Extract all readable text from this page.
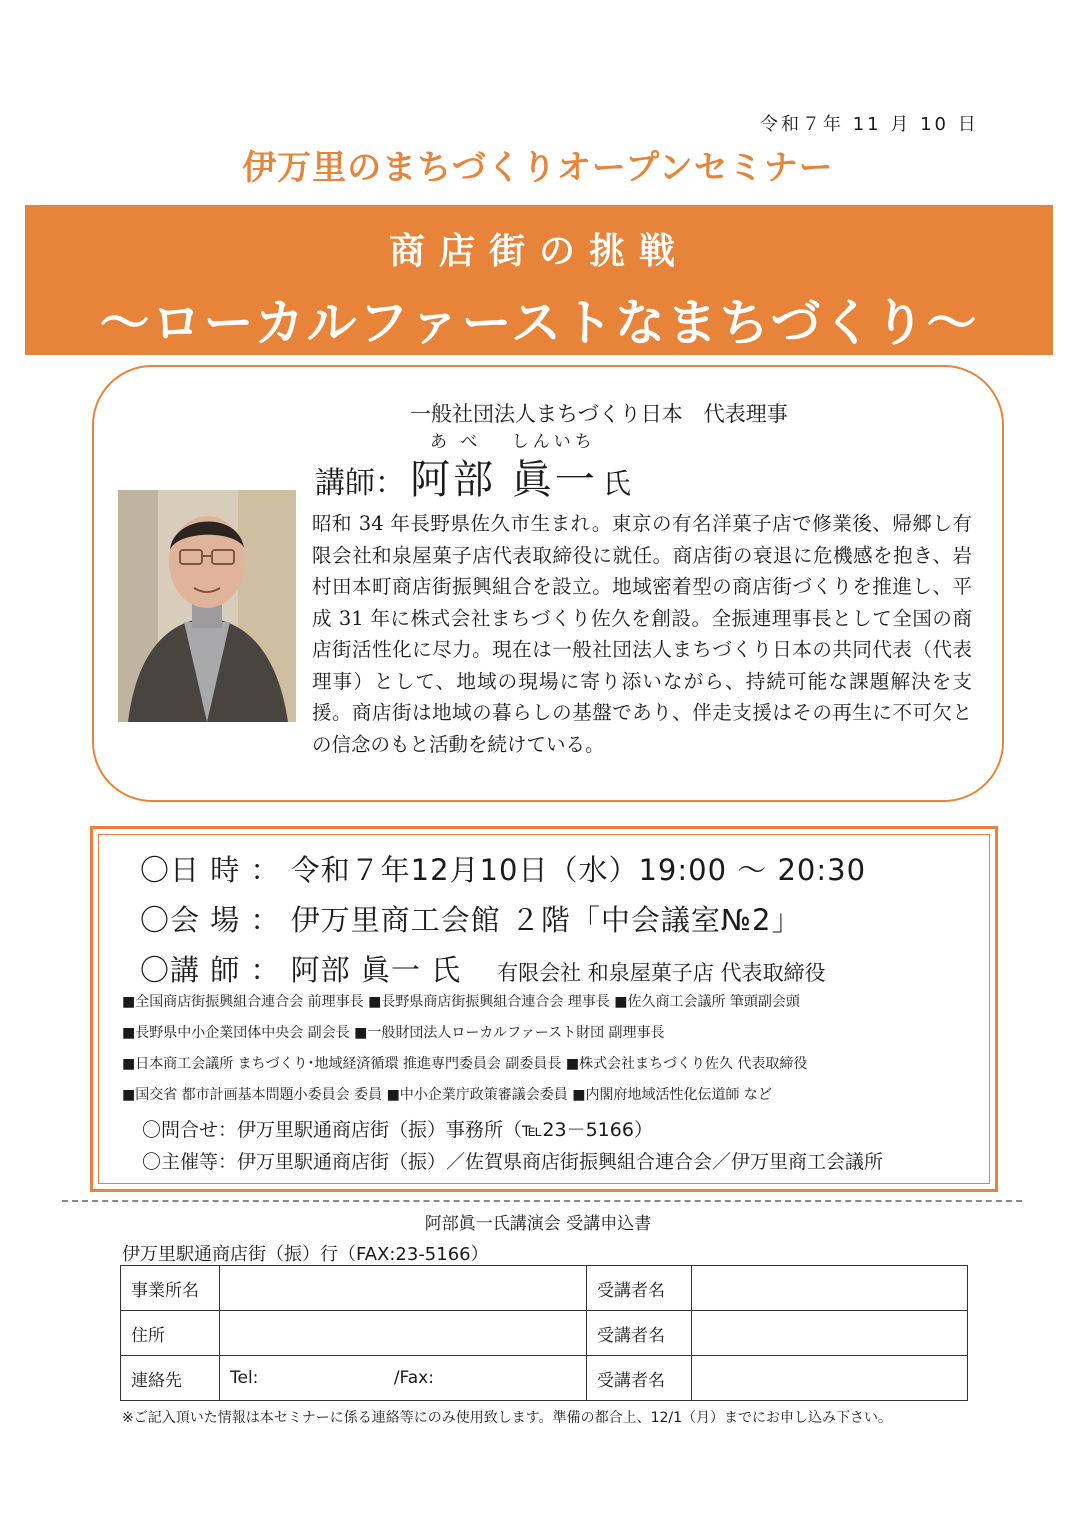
令和７年 11 月 10 日
伊万里のまちづくりオープンセミナー
商店街の挑戦
～ローカルファーストなまちづくり～
一般社団法人まちづくり日本　代表理事
あ べ　 しんいち
講師： 阿部 眞一 氏
昭和 34 年長野県佐久市生まれ。東京の有名洋菓子店で修業後、帰郷し有限会社和泉屋菓子店代表取締役に就任。商店街の衰退に危機感を抱き、岩村田本町商店街振興組合を設立。地域密着型の商店街づくりを推進し、平成 31 年に株式会社まちづくり佐久を創設。全振連理事長として全国の商店街活性化に尽力。現在は一般社団法人まちづくり日本の共同代表（代表理事）として、地域の現場に寄り添いながら、持続可能な課題解決を支援。商店街は地域の暮らしの基盤であり、伴走支援はその再生に不可欠との信念のもと活動を続けている。
〇日 時 ： 令和７年12月10日（水）19:00 ～ 20:30
〇会 場 ： 伊万里商工会館 ２階「中会議室№2」
〇講 師 ： 阿部 眞一 氏 有限会社 和泉屋菓子店 代表取締役
■全国商店街振興組合連合会 前理事長 ■長野県商店街振興組合連合会 理事長 ■佐久商工会議所 筆頭副会頭
■長野県中小企業団体中央会 副会長 ■一般財団法人ローカルファースト財団 副理事長
■日本商工会議所 まちづくり･地域経済循環 推進専門委員会 副委員長 ■株式会社まちづくり佐久 代表取締役
■国交省 都市計画基本問題小委員会 委員 ■中小企業庁政策審議会委員 ■内閣府地域活性化伝道師 など
〇問合せ：伊万里駅通商店街（振）事務所（℡23－5166）
〇主催等：伊万里駅通商店街（振）／佐賀県商店街振興組合連合会／伊万里商工会議所
阿部眞一氏講演会 受講申込書
伊万里駅通商店街（振）行（FAX:23-5166）
事業所名		受講者名	
住所		受講者名	
連絡先	Tel: /Fax:	受講者名	
※ご記入頂いた情報は本セミナーに係る連絡等にのみ使用致します。準備の都合上、12/1（月）までにお申し込み下さい。
